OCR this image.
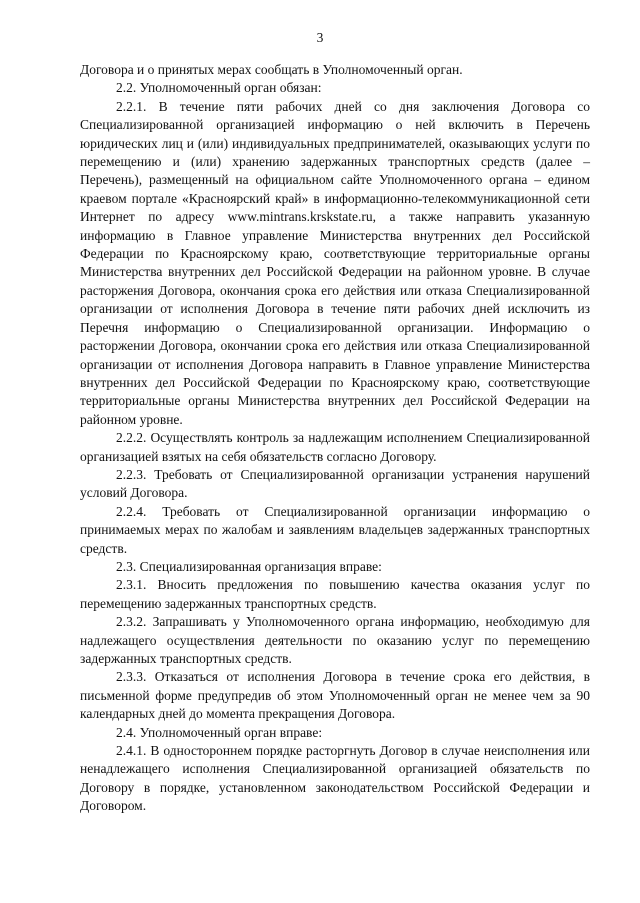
3

Договора и о принятых мерах сообщать в Уполномоченный орган.

2.2. Уполномоченный орган обязан:

2.2.1. В течение пяти рабочих дней со дня заключения Договора со Специализированной организацией информацию о ней включить в Перечень юридических лиц и (или) индивидуальных предпринимателей, оказывающих услуги по перемещению и (или) хранению задержанных транспортных средств (далее – Перечень), размещенный на официальном сайте Уполномоченного органа – едином краевом портале «Красноярский край» в информационно-телекоммуникационной сети Интернет по адресу www.mintrans.krskstate.ru, а также направить указанную информацию в Главное управление Министерства внутренних дел Российской Федерации по Красноярскому краю, соответствующие территориальные органы Министерства внутренних дел Российской Федерации на районном уровне. В случае расторжения Договора, окончания срока его действия или отказа Специализированной организации от исполнения Договора в течение пяти рабочих дней исключить из Перечня информацию о Специализированной организации. Информацию о расторжении Договора, окончании срока его действия или отказа Специализированной организации от исполнения Договора направить в Главное управление Министерства внутренних дел Российской Федерации по Красноярскому краю, соответствующие территориальные органы Министерства внутренних дел Российской Федерации на районном уровне.

2.2.2. Осуществлять контроль за надлежащим исполнением Специализированной организацией взятых на себя обязательств согласно Договору.

2.2.3. Требовать от Специализированной организации устранения нарушений условий Договора.

2.2.4. Требовать от Специализированной организации информацию о принимаемых мерах по жалобам и заявлениям владельцев задержанных транспортных средств.

2.3. Специализированная организация вправе:

2.3.1. Вносить предложения по повышению качества оказания услуг по перемещению задержанных транспортных средств.

2.3.2. Запрашивать у Уполномоченного органа информацию, необходимую для надлежащего осуществления деятельности по оказанию услуг по перемещению задержанных транспортных средств.

2.3.3. Отказаться от исполнения Договора в течение срока его действия, в письменной форме предупредив об этом Уполномоченный орган не менее чем за 90 календарных дней до момента прекращения Договора.

2.4. Уполномоченный орган вправе:

2.4.1. В одностороннем порядке расторгнуть Договор в случае неисполнения или ненадлежащего исполнения Специализированной организацией обязательств по Договору в порядке, установленном законодательством Российской Федерации и Договором.
